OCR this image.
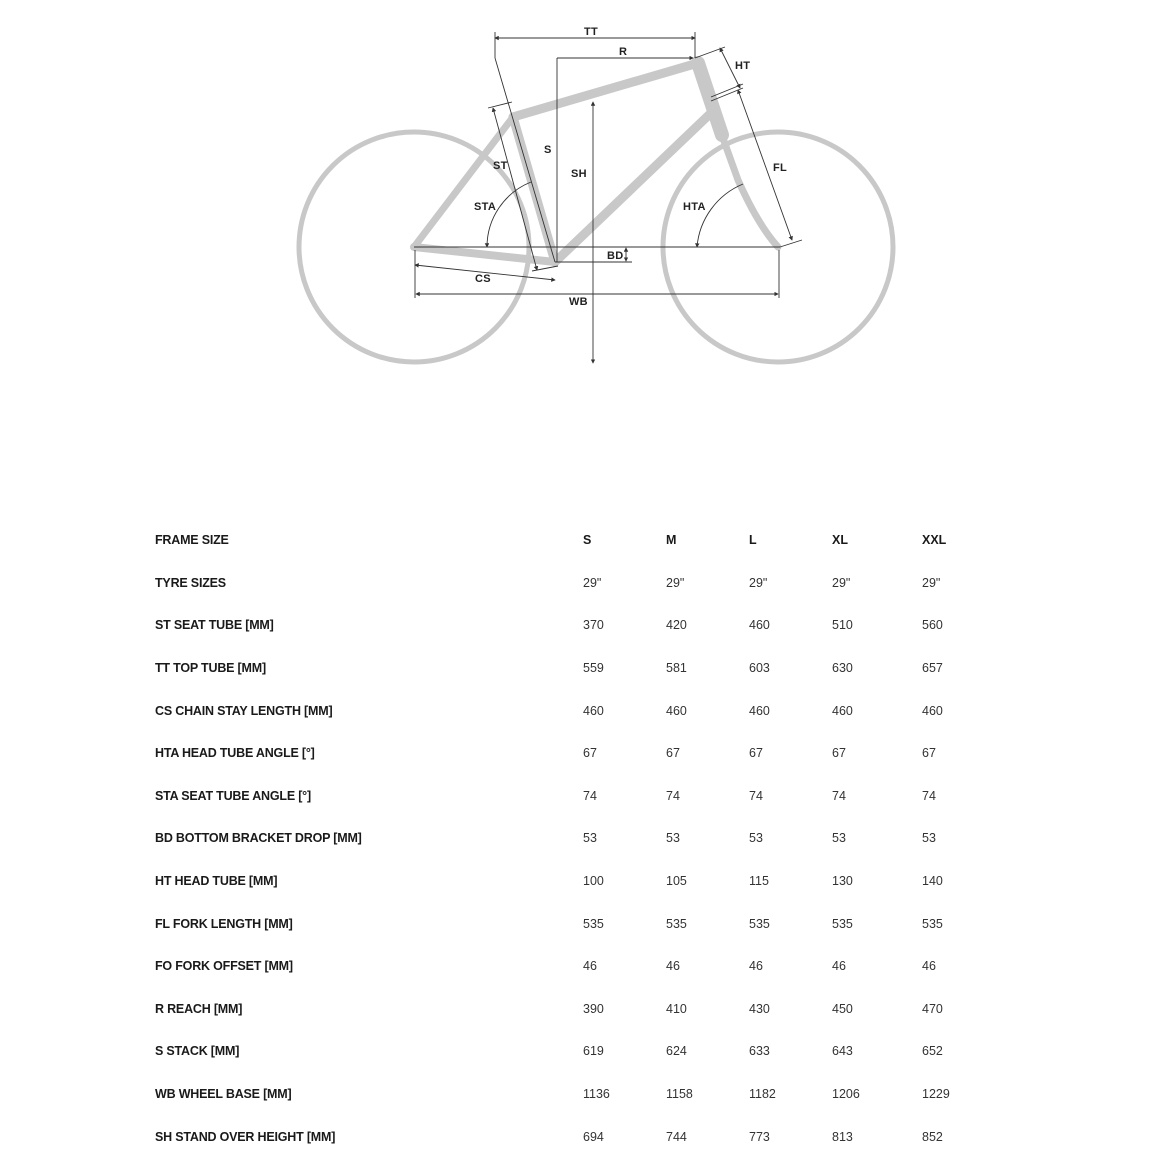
TT
R
HT
S
ST
SH	FL
STA	HTA
BD
CS
WB
FRAME SIZE	S	M	L	XL	XXL
TYRE SIZES	29"	29"	29"	29"	29"
ST SEAT TUBE [MM]	370	420	460	510	560
TT TOP TUBE [MM]	559	581	603	630	657
CS CHAIN STAY LENGTH [MM]	460	460	460	460	460
HTA HEAD TUBE ANGLE [°]	67	67	67	67	67
STA SEAT TUBE ANGLE [°]	74	74	74	74	74
BD BOTTOM BRACKET DROP [MM]	53	53	53	53	53
HT HEAD TUBE [MM]	100	105	115	130	140
FL FORK LENGTH [MM]	535	535	535	535	535
FO FORK OFFSET [MM]	46	46	46	46	46
R REACH [MM]	390	410	430	450	470
S STACK [MM]	619	624	633	643	652
WB WHEEL BASE [MM]	1136	1158	1182	1206	1229
SH STAND OVER HEIGHT [MM]	694	744	773	813	852
